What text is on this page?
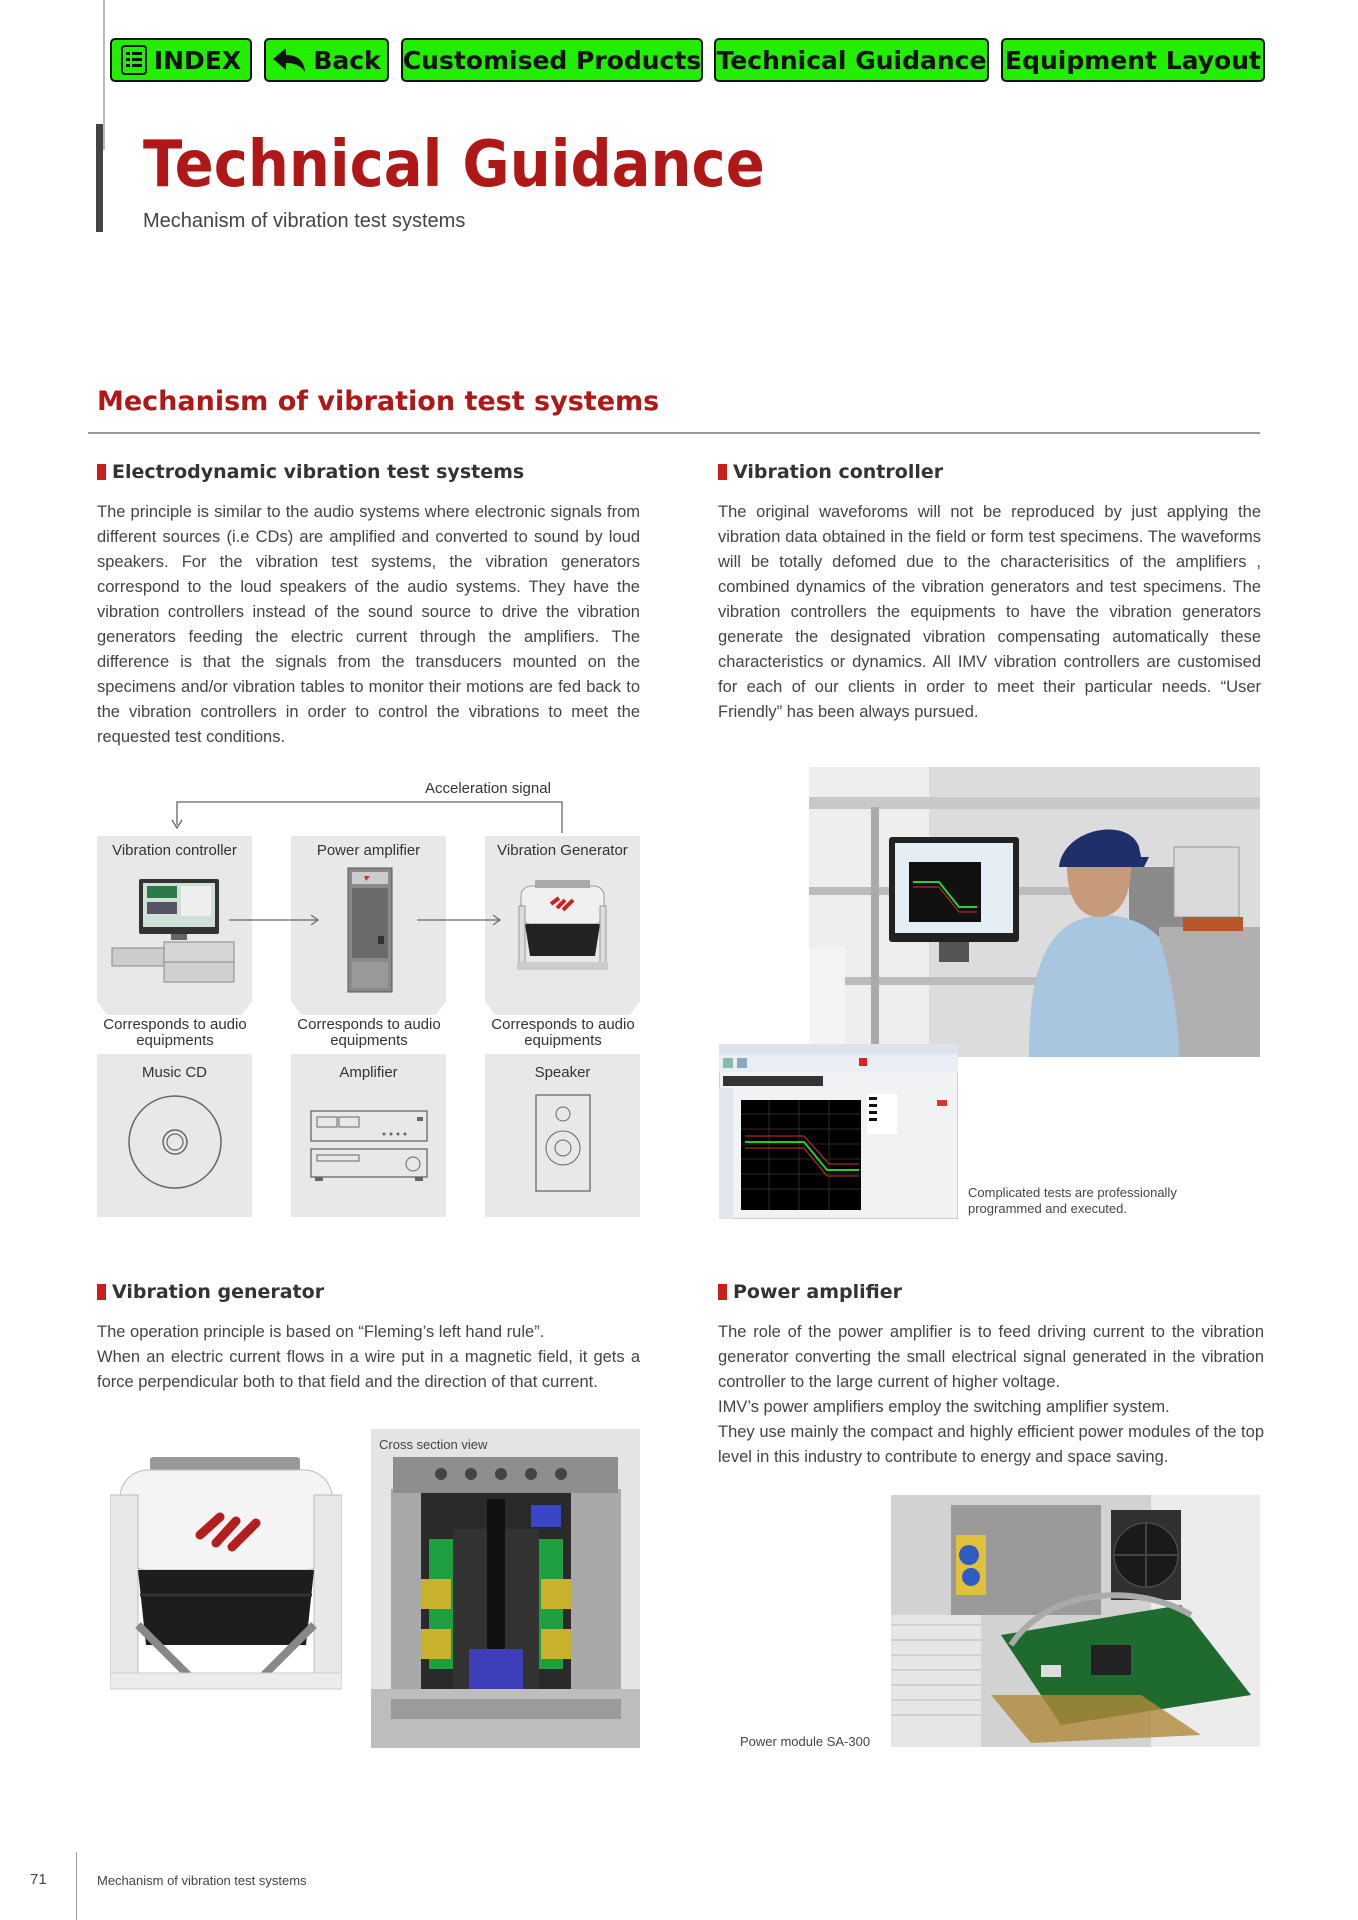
INDEX	Back Customised Products Technical Guidance Equipment Layout
Technical Guidance
Mechanism of vibration test systems
Mechanism of vibration test systems
Electrodynamic vibration test systems

The principle is similar to the audio systems where electronic signals from different sources (i.e CDs) are amplified and converted to sound by loud speakers. For the vibration test systems, the vibration generators correspond to the loud speakers of the audio systems. They have the vibration controllers instead of the sound source to drive the vibration generators feeding the electric current through the amplifiers. The difference is that the signals from the transducers mounted on the specimens and/or vibration tables to monitor their motions are fed back to the vibration controllers in order to control the vibrations to meet the requested test conditions.

Vibration controller

The original waveforoms will not be reproduced by just applying the vibration data obtained in the field or form test specimens. The waveforms will be totally defomed due to the characterisitics of the amplifiers , combined dynamics of the vibration generators and test specimens. The vibration controllers the equipments to have the vibration generators generate the designated vibration compensating automatically these characteristics or dynamics. All IMV vibration controllers are customised for each of our clients in order to meet their particular needs. “User Friendly” has been always pursued.

Acceleration signal
Vibration controller	Power amplifier	Vibration Generator
Corresponds to audio equipments
Corresponds to audio equipments
Corresponds to audio equipments
Music CD	Amplifier	Speaker
Complicated tests are professionally programmed and executed.
Vibration generator

The operation principle is based on “Fleming’s left hand rule”.

When an electric current flows in a wire put in a magnetic field, it gets a force perpendicular both to that field and the direction of that current.

Cross section view
Power amplifier

The role of the power amplifier is to feed driving current to the vibration generator converting the small electrical signal generated in the vibration controller to the large current of higher voltage.

IMV’s power amplifiers employ the switching amplifier system.

They use mainly the compact and highly efficient power modules of the top level in this industry to contribute to energy and space saving.

Power module SA-300
71	Mechanism of vibration test systems
